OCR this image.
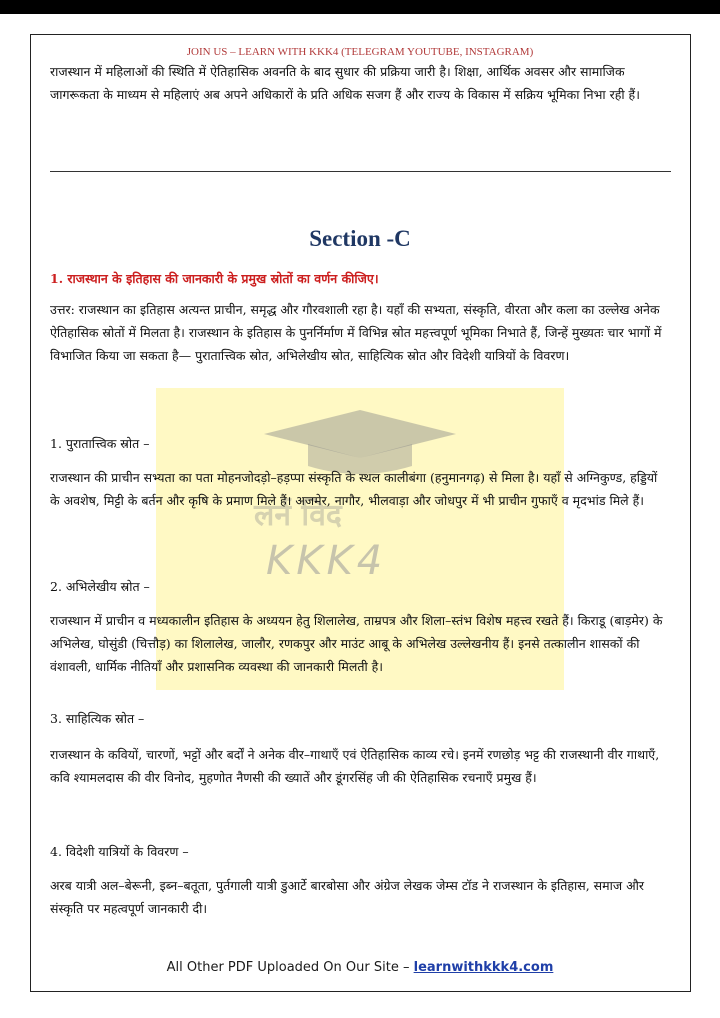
लर्न विद
KKK4
JOIN US – LEARN WITH KKK4 (TELEGRAM YOUTUBE, INSTAGRAM)

राजस्थान में महिलाओं की स्थिति में ऐतिहासिक अवनति के बाद सुधार की प्रक्रिया जारी है। शिक्षा, आर्थिक अवसर और सामाजिक जागरूकता के माध्यम से महिलाएं अब अपने अधिकारों के प्रति अधिक सजग हैं और राज्य के विकास में सक्रिय भूमिका निभा रही हैं।

Section -C
1. राजस्थान के इतिहास की जानकारी के प्रमुख स्रोतों का वर्णन कीजिए।

उत्तर: राजस्थान का इतिहास अत्यन्त प्राचीन, समृद्ध और गौरवशाली रहा है। यहाँ की सभ्यता, संस्कृति, वीरता और कला का उल्लेख अनेक ऐतिहासिक स्रोतों में मिलता है। राजस्थान के इतिहास के पुनर्निर्माण में विभिन्न स्रोत महत्त्वपूर्ण भूमिका निभाते हैं, जिन्हें मुख्यतः चार भागों में विभाजित किया जा सकता है— पुरातात्त्विक स्रोत, अभिलेखीय स्रोत, साहित्यिक स्रोत और विदेशी यात्रियों के विवरण।

1. पुरातात्त्विक स्रोत –

राजस्थान की प्राचीन सभ्यता का पता मोहनजोदड़ो–हड़प्पा संस्कृति के स्थल कालीबंगा (हनुमानगढ़) से मिला है। यहाँ से अग्निकुण्ड, हड्डियों के अवशेष, मिट्टी के बर्तन और कृषि के प्रमाण मिले हैं। अजमेर, नागौर, भीलवाड़ा और जोधपुर में भी प्राचीन गुफाएँ व मृदभांड मिले हैं।

2. अभिलेखीय स्रोत –

राजस्थान में प्राचीन व मध्यकालीन इतिहास के अध्ययन हेतु शिलालेख, ताम्रपत्र और शिला–स्तंभ विशेष महत्त्व रखते हैं। किराडू (बाड़मेर) के अभिलेख, घोसुंडी (चित्तौड़) का शिलालेख, जालौर, रणकपुर और माउंट आबू के अभिलेख उल्लेखनीय हैं। इनसे तत्कालीन शासकों की वंशावली, धार्मिक नीतियाँ और प्रशासनिक व्यवस्था की जानकारी मिलती है।

3. साहित्यिक स्रोत –

राजस्थान के कवियों, चारणों, भट्टों और बर्दों ने अनेक वीर–गाथाएँ एवं ऐतिहासिक काव्य रचे। इनमें रणछोड़ भट्ट की राजस्थानी वीर गाथाएँ, कवि श्यामलदास की वीर विनोद, मुहणोत नैणसी की ख्यातें और डूंगरसिंह जी की ऐतिहासिक रचनाएँ प्रमुख हैं।

4. विदेशी यात्रियों के विवरण –

अरब यात्री अल–बेरूनी, इब्न–बतूता, पुर्तगाली यात्री डुआर्टे बारबोसा और अंग्रेज लेखक जेम्स टॉड ने राजस्थान के इतिहास, समाज और संस्कृति पर महत्वपूर्ण जानकारी दी।

All Other PDF Uploaded On Our Site – learnwithkkk4.com
